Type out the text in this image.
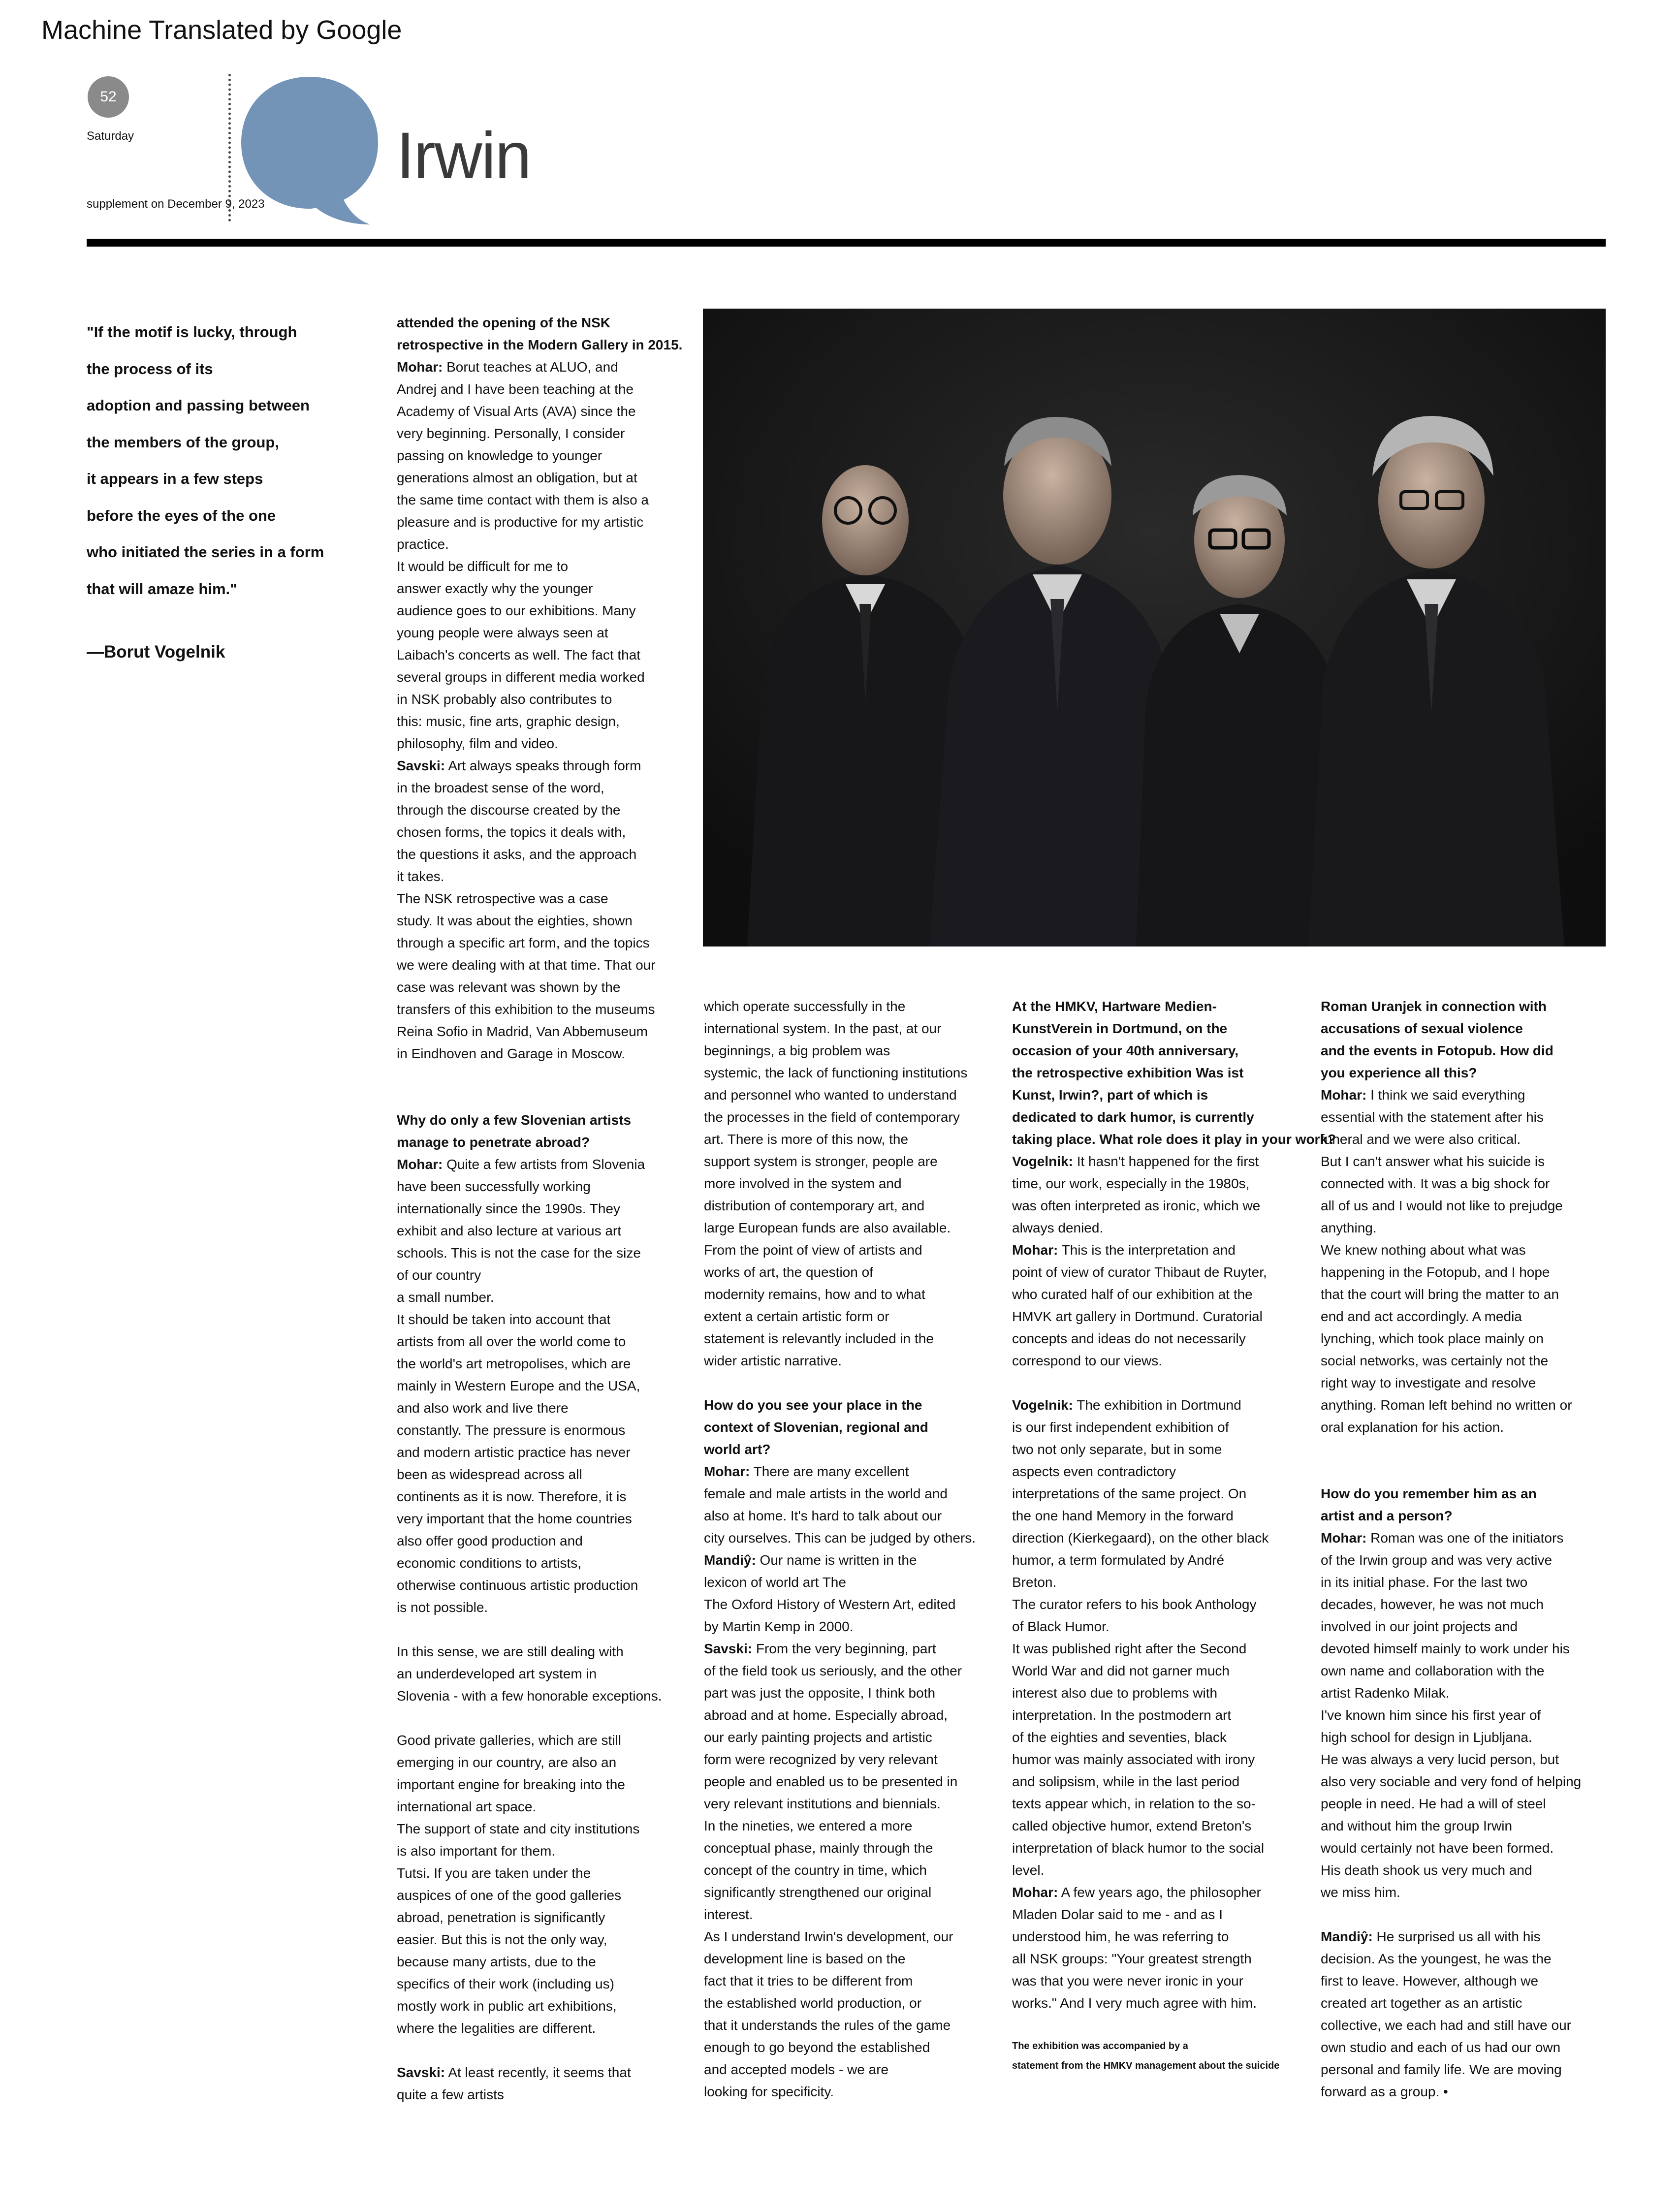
Machine Translated by Google
52
Saturday
supplement on December 9, 2023
Irwin

"If the motif is lucky, through

the process of its

adoption and passing between

the members of the group,

it appears in a few steps

before the eyes of the one

who initiated the series in a form

that will amaze him."

—Borut Vogelnik

attended the opening of the NSK

retrospective in the Modern Gallery in 2015.

Mohar: Borut teaches at ALUO, and

Andrej and I have been teaching at the

Academy of Visual Arts (AVA) since the

very beginning. Personally, I consider

passing on knowledge to younger

generations almost an obligation, but at

the same time contact with them is also a

pleasure and is productive for my artistic

practice.

It would be difficult for me to

answer exactly why the younger

audience goes to our exhibitions. Many

young people were always seen at

Laibach's concerts as well. The fact that

several groups in different media worked

in NSK probably also contributes to

this: music, fine arts, graphic design,

philosophy, film and video.

Savski: Art always speaks through form

in the broadest sense of the word,

through the discourse created by the

chosen forms, the topics it deals with,

the questions it asks, and the approach

it takes.

The NSK retrospective was a case

study. It was about the eighties, shown

through a specific art form, and the topics

we were dealing with at that time. That our

case was relevant was shown by the

transfers of this exhibition to the museums

Reina Sofio in Madrid, Van Abbemuseum

in Eindhoven and Garage in Moscow.

Why do only a few Slovenian artists

manage to penetrate abroad?

Mohar: Quite a few artists from Slovenia

have been successfully working

internationally since the 1990s. They

exhibit and also lecture at various art

schools. This is not the case for the size

of our country

a small number.

It should be taken into account that

artists from all over the world come to

the world's art metropolises, which are

mainly in Western Europe and the USA,

and also work and live there

constantly. The pressure is enormous

and modern artistic practice has never

been as widespread across all

continents as it is now. Therefore, it is

very important that the home countries

also offer good production and

economic conditions to artists,

otherwise continuous artistic production

is not possible.

In this sense, we are still dealing with

an underdeveloped art system in

Slovenia - with a few honorable exceptions.

Good private galleries, which are still

emerging in our country, are also an

important engine for breaking into the

international art space.

The support of state and city institutions

is also important for them.

Tutsi. If you are taken under the

auspices of one of the good galleries

abroad, penetration is significantly

easier. But this is not the only way,

because many artists, due to the

specifics of their work (including us)

mostly work in public art exhibitions,

where the legalities are different.

Savski: At least recently, it seems that

quite a few artists

which operate successfully in the

international system. In the past, at our

beginnings, a big problem was

systemic, the lack of functioning institutions

and personnel who wanted to understand

the processes in the field of contemporary

art. There is more of this now, the

support system is stronger, people are

more involved in the system and

distribution of contemporary art, and

large European funds are also available.

From the point of view of artists and

works of art, the question of

modernity remains, how and to what

extent a certain artistic form or

statement is relevantly included in the

wider artistic narrative.

How do you see your place in the

context of Slovenian, regional and

world art?

Mohar: There are many excellent

female and male artists in the world and

also at home. It's hard to talk about our

city ourselves. This can be judged by others.

Mandiŷ: Our name is written in the

lexicon of world art The

The Oxford History of Western Art, edited

by Martin Kemp in 2000.

Savski: From the very beginning, part

of the field took us seriously, and the other

part was just the opposite, I think both

abroad and at home. Especially abroad,

our early painting projects and artistic

form were recognized by very relevant

people and enabled us to be presented in

very relevant institutions and biennials.

In the nineties, we entered a more

conceptual phase, mainly through the

concept of the country in time, which

significantly strengthened our original

interest.

As I understand Irwin's development, our

development line is based on the

fact that it tries to be different from

the established world production, or

that it understands the rules of the game

enough to go beyond the established

and accepted models - we are

looking for specificity.

At the HMKV, Hartware Medien-

KunstVerein in Dortmund, on the

occasion of your 40th anniversary,

the retrospective exhibition Was ist

Kunst, Irwin?, part of which is

dedicated to dark humor, is currently

taking place. What role does it play in your work?

Vogelnik: It hasn't happened for the first

time, our work, especially in the 1980s,

was often interpreted as ironic, which we

always denied.

Mohar: This is the interpretation and

point of view of curator Thibaut de Ruyter,

who curated half of our exhibition at the

HMVK art gallery in Dortmund. Curatorial

concepts and ideas do not necessarily

correspond to our views.

Vogelnik: The exhibition in Dortmund

is our first independent exhibition of

two not only separate, but in some

aspects even contradictory

interpretations of the same project. On

the one hand Memory in the forward

direction (Kierkegaard), on the other black

humor, a term formulated by André

Breton.

The curator refers to his book Anthology

of Black Humor.

It was published right after the Second

World War and did not garner much

interest also due to problems with

interpretation. In the postmodern art

of the eighties and seventies, black

humor was mainly associated with irony

and solipsism, while in the last period

texts appear which, in relation to the so-

called objective humor, extend Breton's

interpretation of black humor to the social

level.

Mohar: A few years ago, the philosopher

Mladen Dolar said to me - and as I

understood him, he was referring to

all NSK groups: "Your greatest strength

was that you were never ironic in your

works." And I very much agree with him.

The exhibition was accompanied by a

statement from the HMKV management about the suicide

Roman Uranjek in connection with

accusations of sexual violence

and the events in Fotopub. How did

you experience all this?

Mohar: I think we said everything

essential with the statement after his

funeral and we were also critical.

But I can't answer what his suicide is

connected with. It was a big shock for

all of us and I would not like to prejudge

anything.

We knew nothing about what was

happening in the Fotopub, and I hope

that the court will bring the matter to an

end and act accordingly. A media

lynching, which took place mainly on

social networks, was certainly not the

right way to investigate and resolve

anything. Roman left behind no written or

oral explanation for his action.

How do you remember him as an

artist and a person?

Mohar: Roman was one of the initiators

of the Irwin group and was very active

in its initial phase. For the last two

decades, however, he was not much

involved in our joint projects and

devoted himself mainly to work under his

own name and collaboration with the

artist Radenko Milak.

I've known him since his first year of

high school for design in Ljubljana.

He was always a very lucid person, but

also very sociable and very fond of helping

people in need. He had a will of steel

and without him the group Irwin

would certainly not have been formed.

His death shook us very much and

we miss him.

Mandiŷ: He surprised us all with his

decision. As the youngest, he was the

first to leave. However, although we

created art together as an artistic

collective, we each had and still have our

own studio and each of us had our own

personal and family life. We are moving

forward as a group. •
